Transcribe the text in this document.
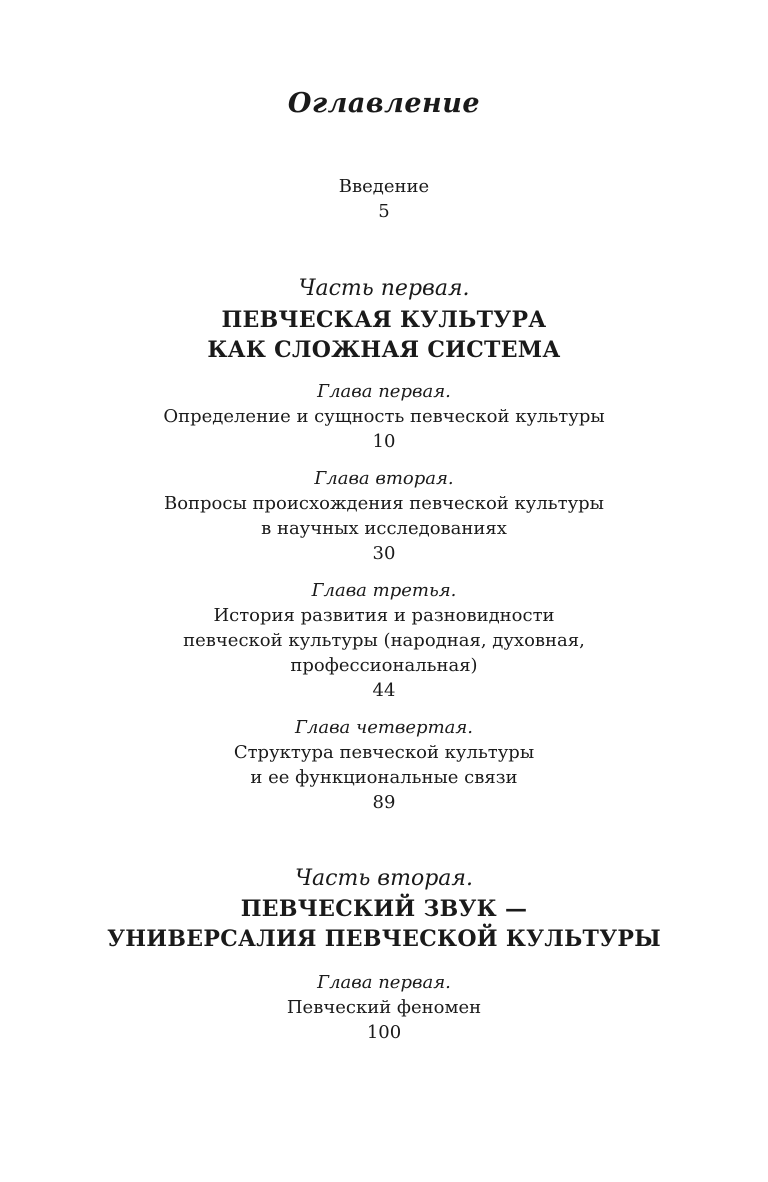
Оглавление
Введение
5
Часть первая.
ПЕВЧЕСКАЯ КУЛЬТУРА
КАК СЛОЖНАЯ СИСТЕМА
Глава первая.
Определение и сущность певческой культуры
10
Глава вторая.
Вопросы происхождения певческой культуры
в научных исследованиях
30
Глава третья.
История развития и разновидности
певческой культуры (народная, духовная,
профессиональная)
44
Глава четвертая.
Структура певческой культуры
и ее функциональные связи
89
Часть вторая.
ПЕВЧЕСКИЙ ЗВУК —
УНИВЕРСАЛИЯ ПЕВЧЕСКОЙ КУЛЬТУРЫ
Глава первая.
Певческий феномен
100
